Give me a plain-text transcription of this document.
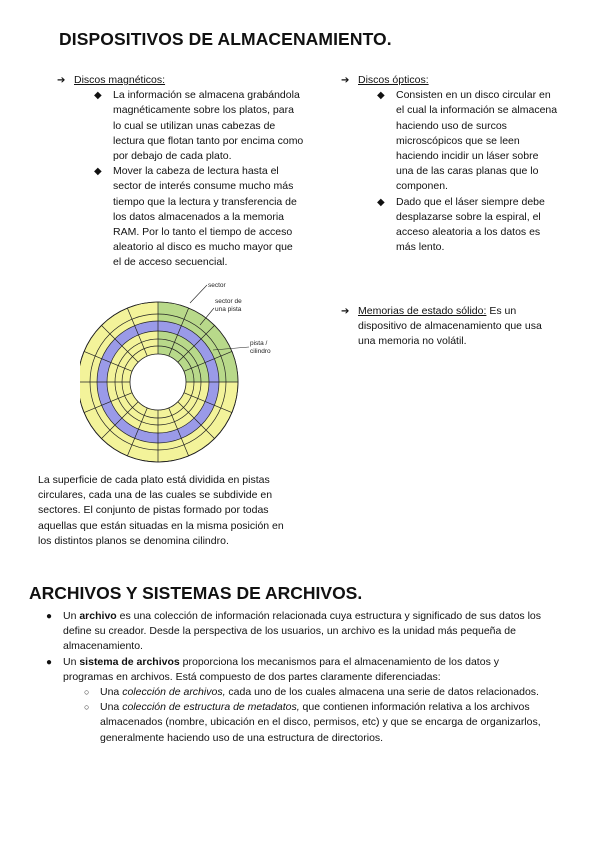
DISPOSITIVOS DE ALMACENAMIENTO.
➔ Discos magnéticos:
◆ La información se almacena grabándola
magnéticamente sobre los platos, para
lo cual se utilizan unas cabezas de
lectura que flotan tanto por encima como
por debajo de cada plato.
◆ Mover la cabeza de lectura hasta el
sector de interés consume mucho más
tiempo que la lectura y transferencia de
los datos almacenados a la memoria
RAM. Por lo tanto el tiempo de acceso
aleatorio al disco es mucho mayor que
el de acceso secuencial.
➔ Discos ópticos:
◆ Consisten en un disco circular en
el cual la información se almacena
haciendo uso de surcos
microscópicos que se leen
haciendo incidir un láser sobre
una de las caras planas que lo
componen.
◆ Dado que el láser siempre debe
desplazarse sobre la espiral, el
acceso aleatoria a los datos es
más lento.
➔ Memorias de estado sólido: Es un
dispositivo de almacenamiento que usa
una memoria no volátil.
sector
sector de
una pista
pista /
cilindro
La superficie de cada plato está dividida en pistas
circulares, cada una de las cuales se subdivide en
sectores. El conjunto de pistas formado por todas
aquellas que están situadas en la misma posición en
los distintos planos se denomina cilindro.
ARCHIVOS Y SISTEMAS DE ARCHIVOS.
● Un archivo es una colección de información relacionada cuya estructura y significado de sus datos los
define su creador. Desde la perspectiva de los usuarios, un archivo es la unidad más pequeña de
almacenamiento.
● Un sistema de archivos proporciona los mecanismos para el almacenamiento de los datos y
programas en archivos. Está compuesto de dos partes claramente diferenciadas:
○ Una colección de archivos, cada uno de los cuales almacena una serie de datos relacionados.
○ Una colección de estructura de metadatos, que contienen información relativa a los archivos
almacenados (nombre, ubicación en el disco, permisos, etc) y que se encarga de organizarlos,
generalmente haciendo uso de una estructura de directorios.
